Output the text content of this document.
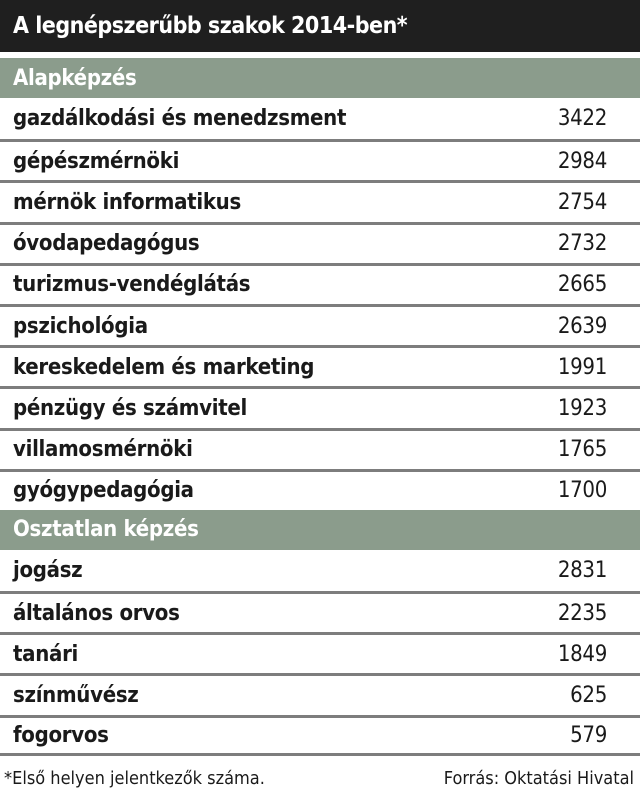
A legnépszerűbb szakok 2014-ben*
Alapképzés
gazdálkodási és menedzsment	3422
gépészmérnöki	2984
mérnök informatikus	2754
óvodapedagógus	2732
turizmus-vendéglátás	2665
pszichológia	2639
kereskedelem és marketing	1991
pénzügy és számvitel	1923
villamosmérnöki	1765
gyógypedagógia	1700
Osztatlan képzés
jogász	2831
általános orvos	2235
tanári	1849
színművész	625
fogorvos	579
*Első helyen jelentkezők száma.	Forrás: Oktatási Hivatal
